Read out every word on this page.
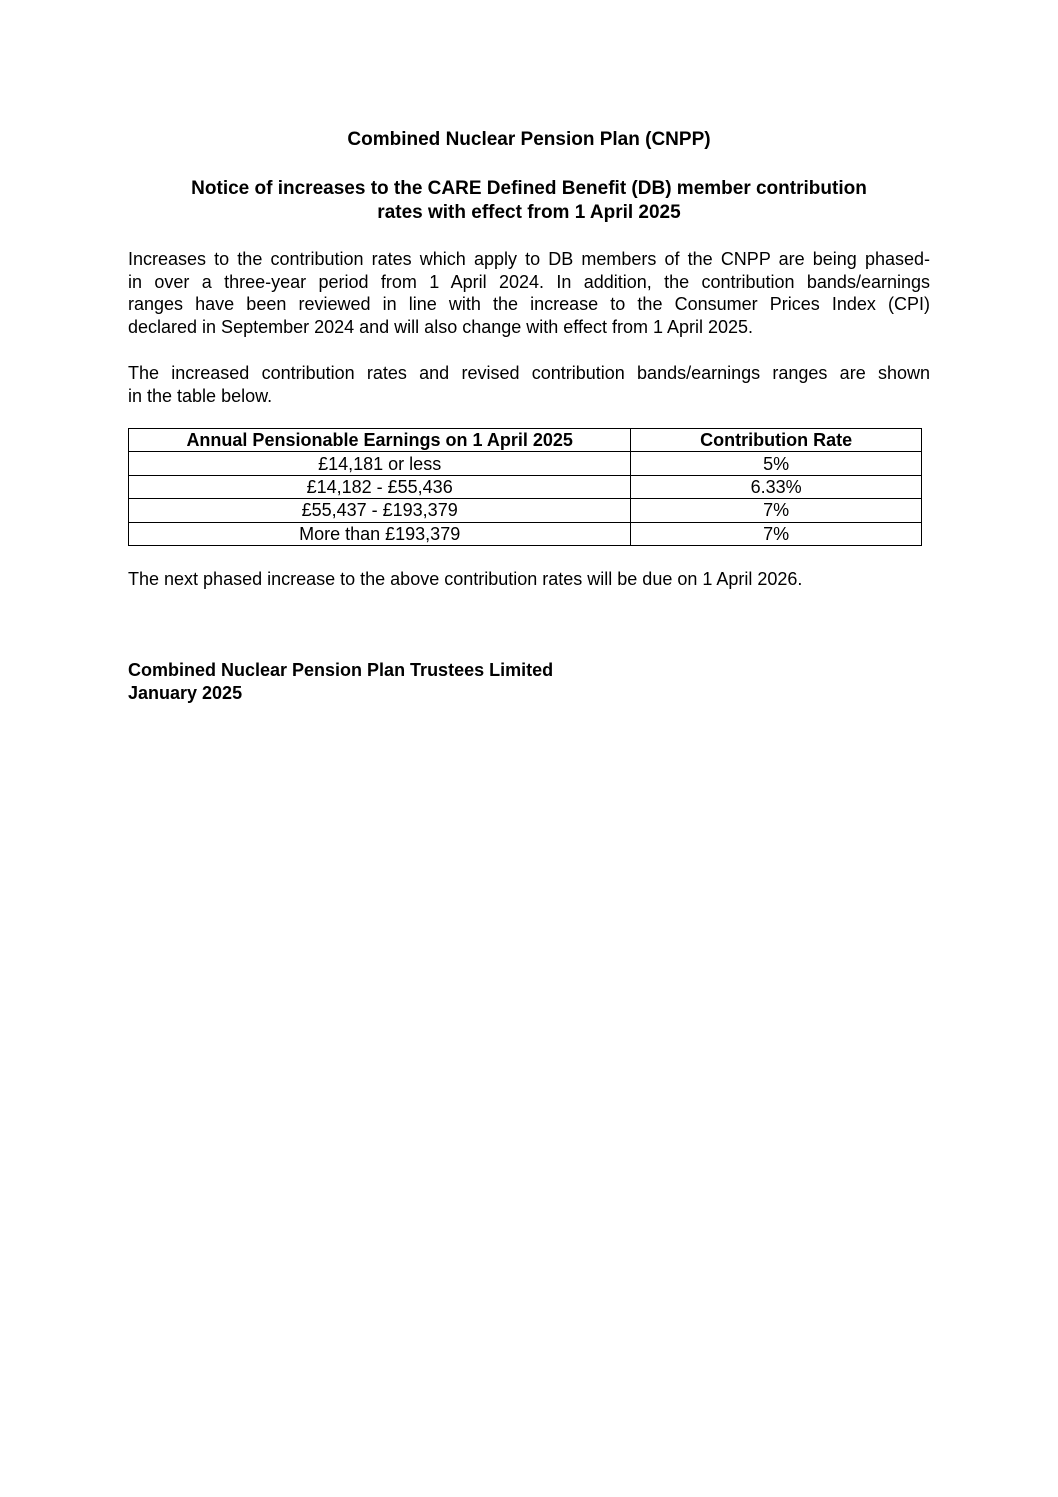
Combined Nuclear Pension Plan (CNPP)
Notice of increases to the CARE Defined Benefit (DB) member contribution
rates with effect from 1 April 2025
Increases to the contribution rates which apply to DB members of the CNPP are being phased-
in over a three-year period from 1 April 2024. In addition, the contribution bands/earnings
ranges have been reviewed in line with the increase to the Consumer Prices Index (CPI)
declared in September 2024 and will also change with effect from 1 April 2025.
The increased contribution rates and revised contribution bands/earnings ranges are shown
in the table below.
Annual Pensionable Earnings on 1 April 2025	Contribution Rate
£14,181 or less	5%
£14,182 - £55,436	6.33%
£55,437 - £193,379	7%
More than £193,379	7%
The next phased increase to the above contribution rates will be due on 1 April 2026.
Combined Nuclear Pension Plan Trustees Limited
January 2025
